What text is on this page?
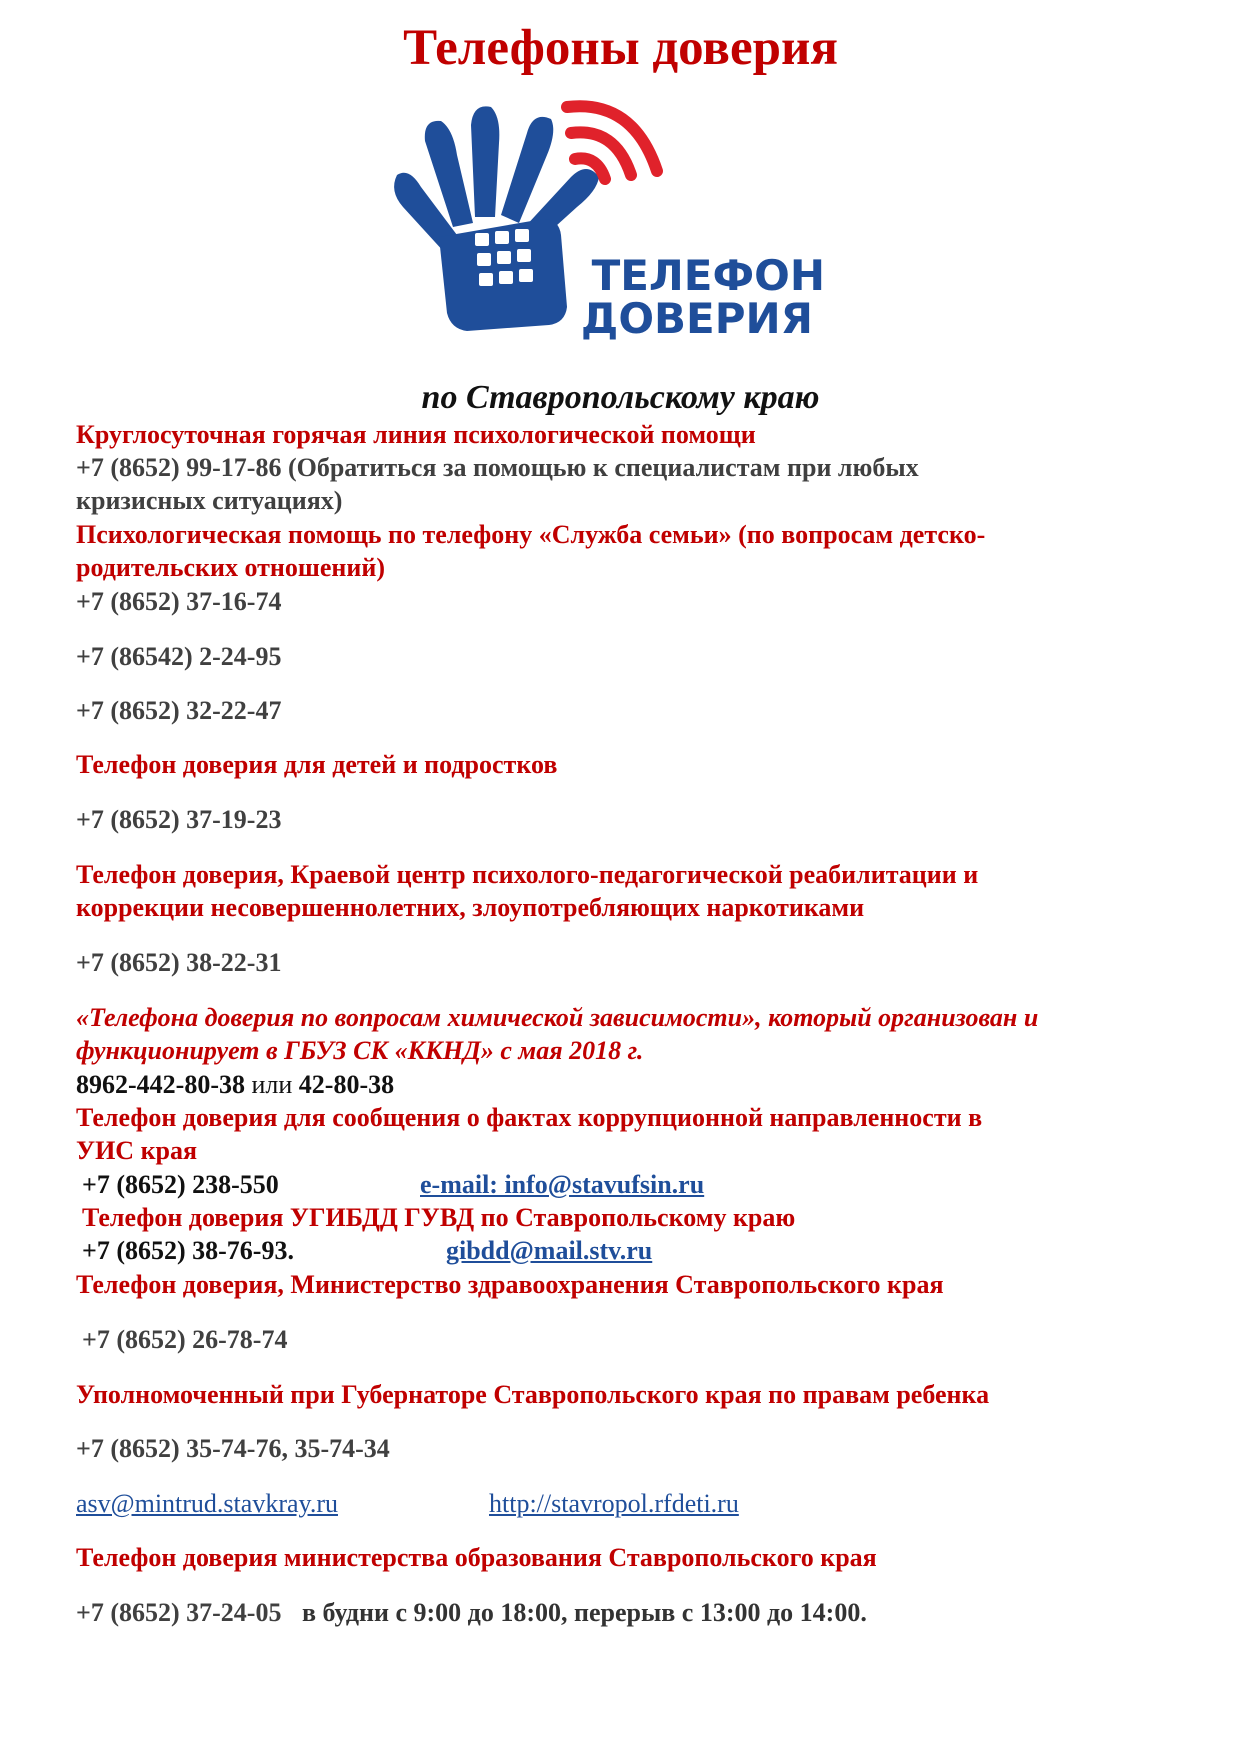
Телефоны доверия
ТЕЛЕФОН
ДОВЕРИЯ
по Ставропольскому краю

Круглосуточная горячая линия психологической помощи

+7 (8652) 99-17-86 (Обратиться за помощью к специалистам при любых

кризисных ситуациях)

Психологическая помощь по телефону «Служба семьи» (по вопросам детско-

родительских отношений)

+7 (8652) 37-16-74

+7 (86542) 2-24-95

+7 (8652) 32-22-47

Телефон доверия для детей и подростков

+7 (8652) 37-19-23

Телефон доверия, Краевой центр психолого-педагогической реабилитации и

коррекции несовершеннолетних, злоупотребляющих наркотиками

+7 (8652) 38-22-31

«Телефона доверия по вопросам химической зависимости», который организован и

функционирует в ГБУЗ СК «ККНД» с мая 2018 г.

8962-442-80-38 или 42-80-38

Телефон доверия для сообщения о фактах коррупционной направленности в

УИС края

+7 (8652) 238-550	e-mail: info@stavufsin.ru

Телефон доверия УГИБДД ГУВД по Ставропольскому краю

+7 (8652) 38-76-93.	gibdd@mail.stv.ru

Телефон доверия, Министерство здравоохранения Ставропольского края

+7 (8652) 26-78-74

Уполномоченный при Губернаторе Ставропольского края по правам ребенка

+7 (8652) 35-74-76, 35-74-34

asv@mintrud.stavkray.ru	http://stavropol.rfdeti.ru

Телефон доверия министерства образования Ставропольского края

+7 (8652) 37-24-05 в будни с 9:00 до 18:00, перерыв с 13:00 до 14:00.
